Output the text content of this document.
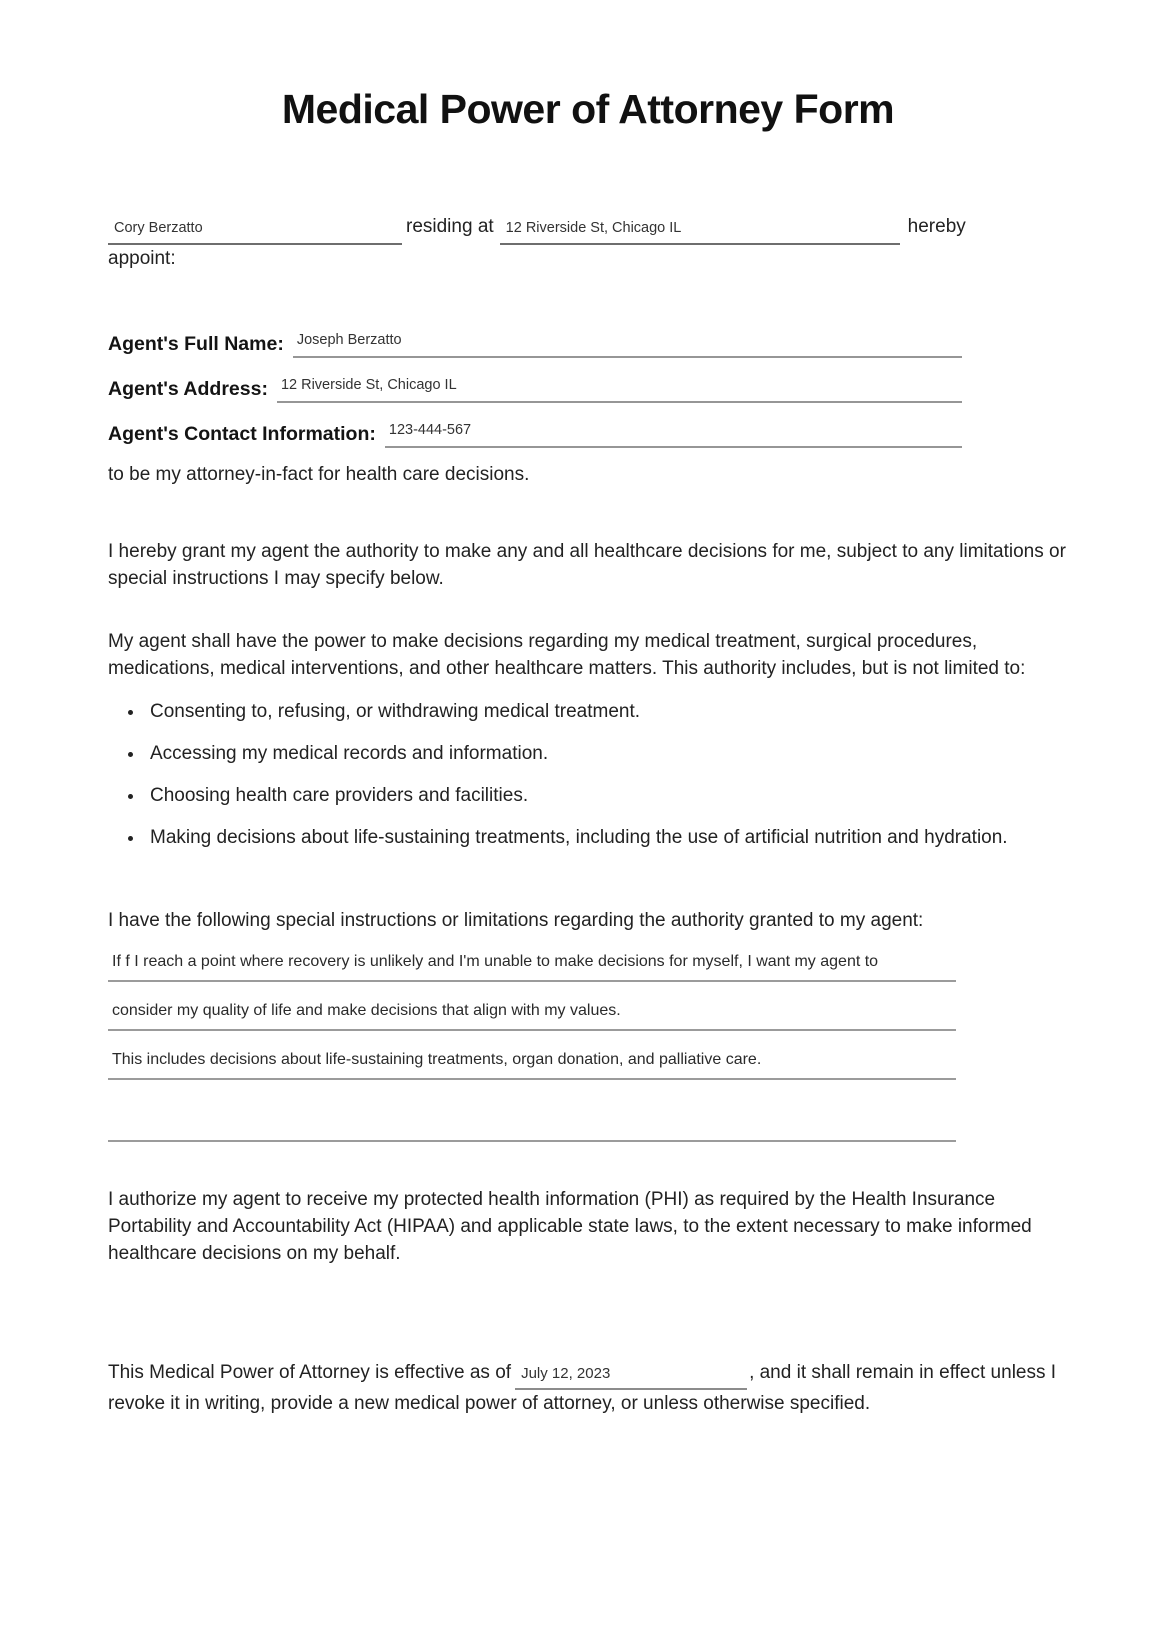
Medical Power of Attorney Form

Cory Berzatto	residing at 12 Riverside St, Chicago IL	hereby

appoint:

Agent's Full Name: Joseph Berzatto
Agent's Address: 12 Riverside St, Chicago IL
Agent's Contact Information: 123-444-567

to be my attorney-in-fact for health care decisions.

I hereby grant my agent the authority to make any and all healthcare decisions for me, subject to any limitations or special instructions I may specify below.

My agent shall have the power to make decisions regarding my medical treatment, surgical procedures, medications, medical interventions, and other healthcare matters. This authority includes, but is not limited to:

• Consenting to, refusing, or withdrawing medical treatment.
• Accessing my medical records and information.
• Choosing health care providers and facilities.
• Making decisions about life-sustaining treatments, including the use of artificial nutrition and hydration.

I have the following special instructions or limitations regarding the authority granted to my agent:

If f I reach a point where recovery is unlikely and I'm unable to make decisions for myself, I want my agent to
consider my quality of life and make decisions that align with my values.
This includes decisions about life-sustaining treatments, organ donation, and palliative care.

I authorize my agent to receive my protected health information (PHI) as required by the Health Insurance Portability and Accountability Act (HIPAA) and applicable state laws, to the extent necessary to make informed healthcare decisions on my behalf.

This Medical Power of Attorney is effective as of July 12, 2023	, and it shall remain in effect unless I revoke it in writing, provide a new medical power of attorney, or unless otherwise specified.
